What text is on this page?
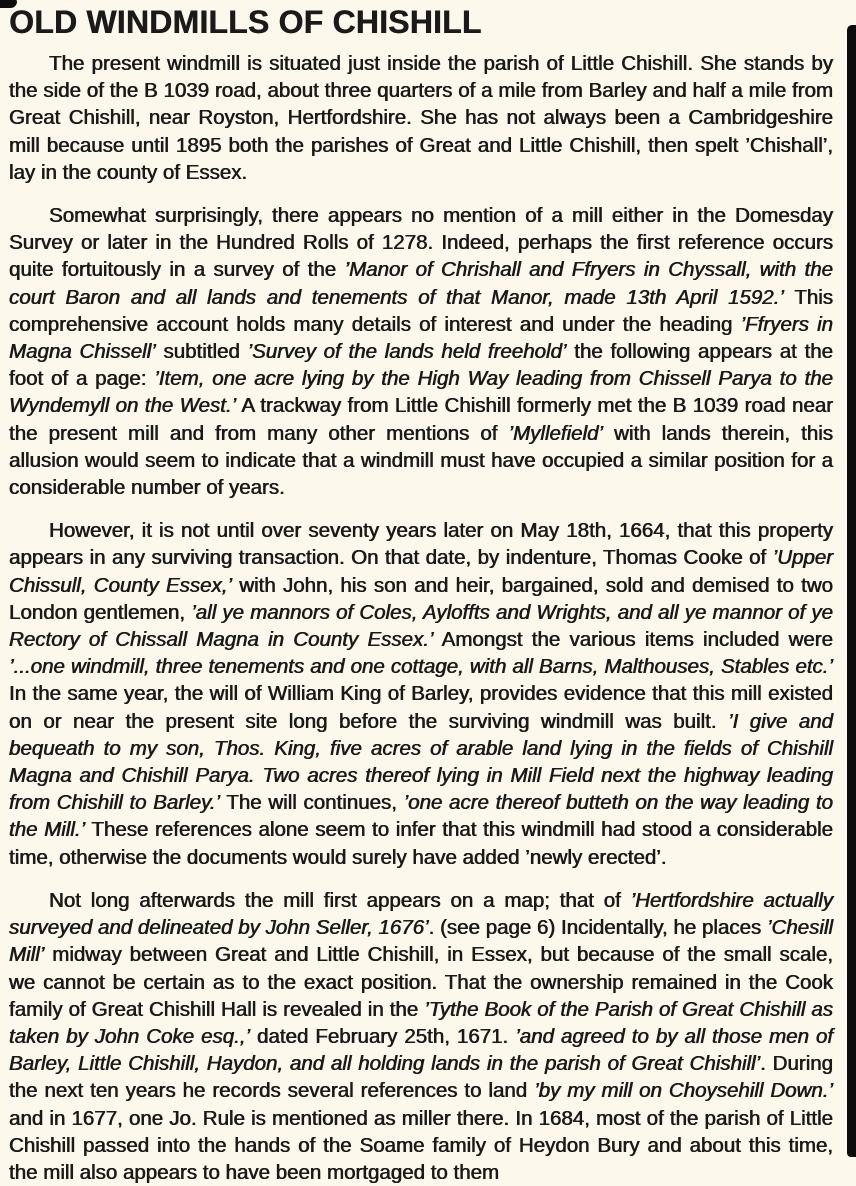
OLD WINDMILLS OF CHISHILL

The present windmill is situated just inside the parish of Little Chishill. She stands by the side of the B 1039 road, about three quarters of a mile from Barley and half a mile from Great Chishill, near Royston, Hertfordshire. She has not always been a Cambridgeshire mill because until 1895 both the parishes of Great and Little Chishill, then spelt ’Chishall’, lay in the county of Essex.

Somewhat surprisingly, there appears no mention of a mill either in the Domesday Survey or later in the Hundred Rolls of 1278. Indeed, perhaps the first reference occurs quite fortuitously in a survey of the ’Manor of Chrishall and Ffryers in Chyssall, with the court Baron and all lands and tenements of that Manor, made 13th April 1592.’ This comprehensive account holds many details of interest and under the heading ’Ffryers in Magna Chissell’ subtitled ’Survey of the lands held freehold’ the following appears at the foot of a page: ’Item, one acre lying by the High Way leading from Chissell Parya to the Wyndemyll on the West.’ A trackway from Little Chishill formerly met the B 1039 road near the present mill and from many other mentions of ’Myllefield’ with lands therein, this allusion would seem to indicate that a windmill must have occupied a similar position for a considerable number of years.

However, it is not until over seventy years later on May 18th, 1664, that this property appears in any surviving transaction. On that date, by indenture, Thomas Cooke of ’Upper Chissull, County Essex,’ with John, his son and heir, bargained, sold and demised to two London gentlemen, ’all ye mannors of Coles, Ayloffts and Wrights, and all ye mannor of ye Rectory of Chissall Magna in County Essex.’ Amongst the various items included were ’...one windmill, three tenements and one cottage, with all Barns, Malthouses, Stables etc.’ In the same year, the will of William King of Barley, provides evidence that this mill existed on or near the present site long before the surviving windmill was built. ’I give and bequeath to my son, Thos. King, five acres of arable land lying in the fields of Chishill Magna and Chishill Parya. Two acres thereof lying in Mill Field next the highway leading from Chishill to Barley.’ The will continues, ’one acre thereof butteth on the way leading to the Mill.’ These references alone seem to infer that this windmill had stood a considerable time, otherwise the documents would surely have added ’newly erected’.

Not long afterwards the mill first appears on a map; that of ’Hertfordshire actually surveyed and delineated by John Seller, 1676’. (see page 6) Incidentally, he places ’Chesill Mill’ midway between Great and Little Chishill, in Essex, but because of the small scale, we cannot be certain as to the exact position. That the ownership remained in the Cook family of Great Chishill Hall is revealed in the ’Tythe Book of the Parish of Great Chishill as taken by John Coke esq.,’ dated February 25th, 1671. ’and agreed to by all those men of Barley, Little Chishill, Haydon, and all holding lands in the parish of Great Chishill’. During the next ten years he records several references to land ’by my mill on Choysehill Down.’ and in 1677, one Jo. Rule is mentioned as miller there. In 1684, most of the parish of Little Chishill passed into the hands of the Soame family of Heydon Bury and about this time, the mill also appears to have been mortgaged to them
